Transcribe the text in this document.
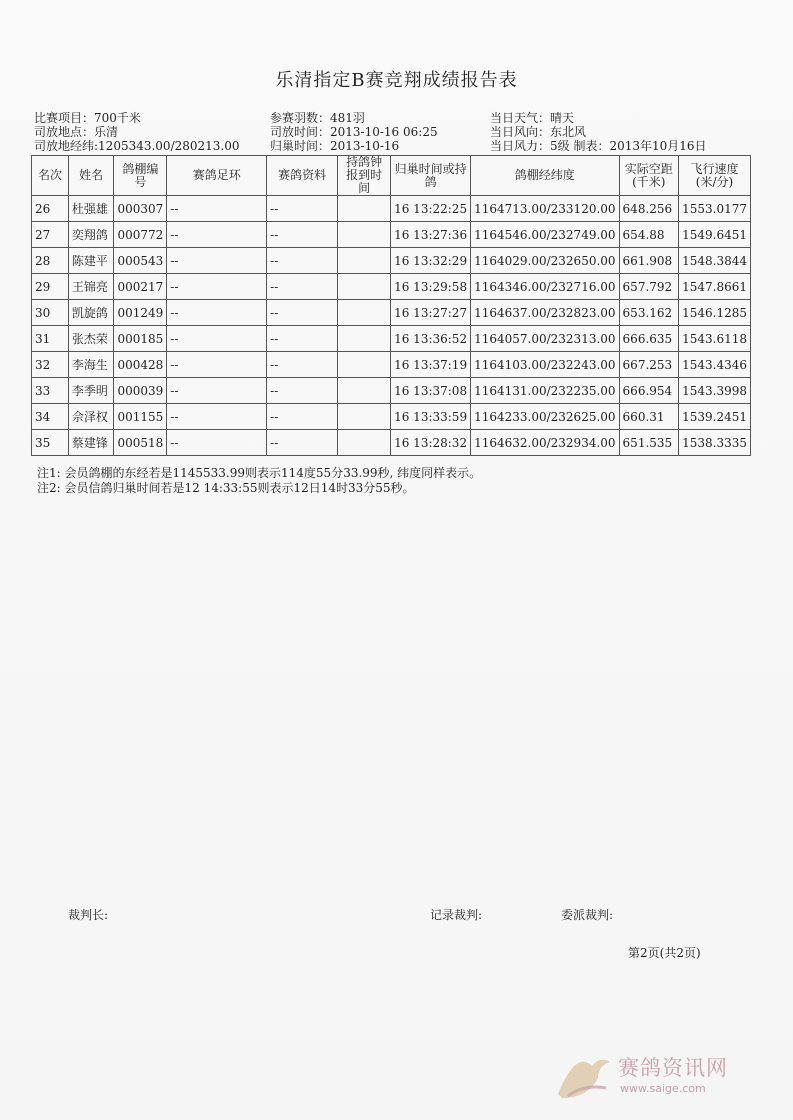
乐清指定B赛竞翔成绩报告表
比赛项目：700千米
司放地点：乐清
司放地经纬:1205343.00/280213.00
参赛羽数：481羽
司放时间：2013-10-16 06:25
归巢时间：2013-10-16
当日天气：晴天
当日风向：东北风
当日风力：5级 制表：2013年10月16日
名次	姓名	鸽棚编号	赛鸽足环	赛鸽资料	持鸽钟报到时间	归巢时间或持鸽	鸽棚经纬度	实际空距(千米)	飞行速度(米/分)
26	杜强雄	000307	--	--		16 13:22:25	1164713.00/233120.00	648.256	1553.0177
27	奕翔鸽	000772	--	--		16 13:27:36	1164546.00/232749.00	654.88	1549.6451
28	陈建平	000543	--	--		16 13:32:29	1164029.00/232650.00	661.908	1548.3844
29	王锦亮	000217	--	--		16 13:29:58	1164346.00/232716.00	657.792	1547.8661
30	凯旋鸽	001249	--	--		16 13:27:27	1164637.00/232823.00	653.162	1546.1285
31	张杰荣	000185	--	--		16 13:36:52	1164057.00/232313.00	666.635	1543.6118
32	李海生	000428	--	--		16 13:37:19	1164103.00/232243.00	667.253	1543.4346
33	李季明	000039	--	--		16 13:37:08	1164131.00/232235.00	666.954	1543.3998
34	佘泽权	001155	--	--		16 13:33:59	1164233.00/232625.00	660.31	1539.2451
35	蔡建锋	000518	--	--		16 13:28:32	1164632.00/232934.00	651.535	1538.3335
注1: 会员鸽棚的东经若是1145533.99则表示114度55分33.99秒, 纬度同样表示。
注2: 会员信鸽归巢时间若是12 14:33:55则表示12日14时33分55秒。
裁判长:	记录裁判:	委派裁判:
第2页(共2页)
赛鸽资讯网
www.saige.com
